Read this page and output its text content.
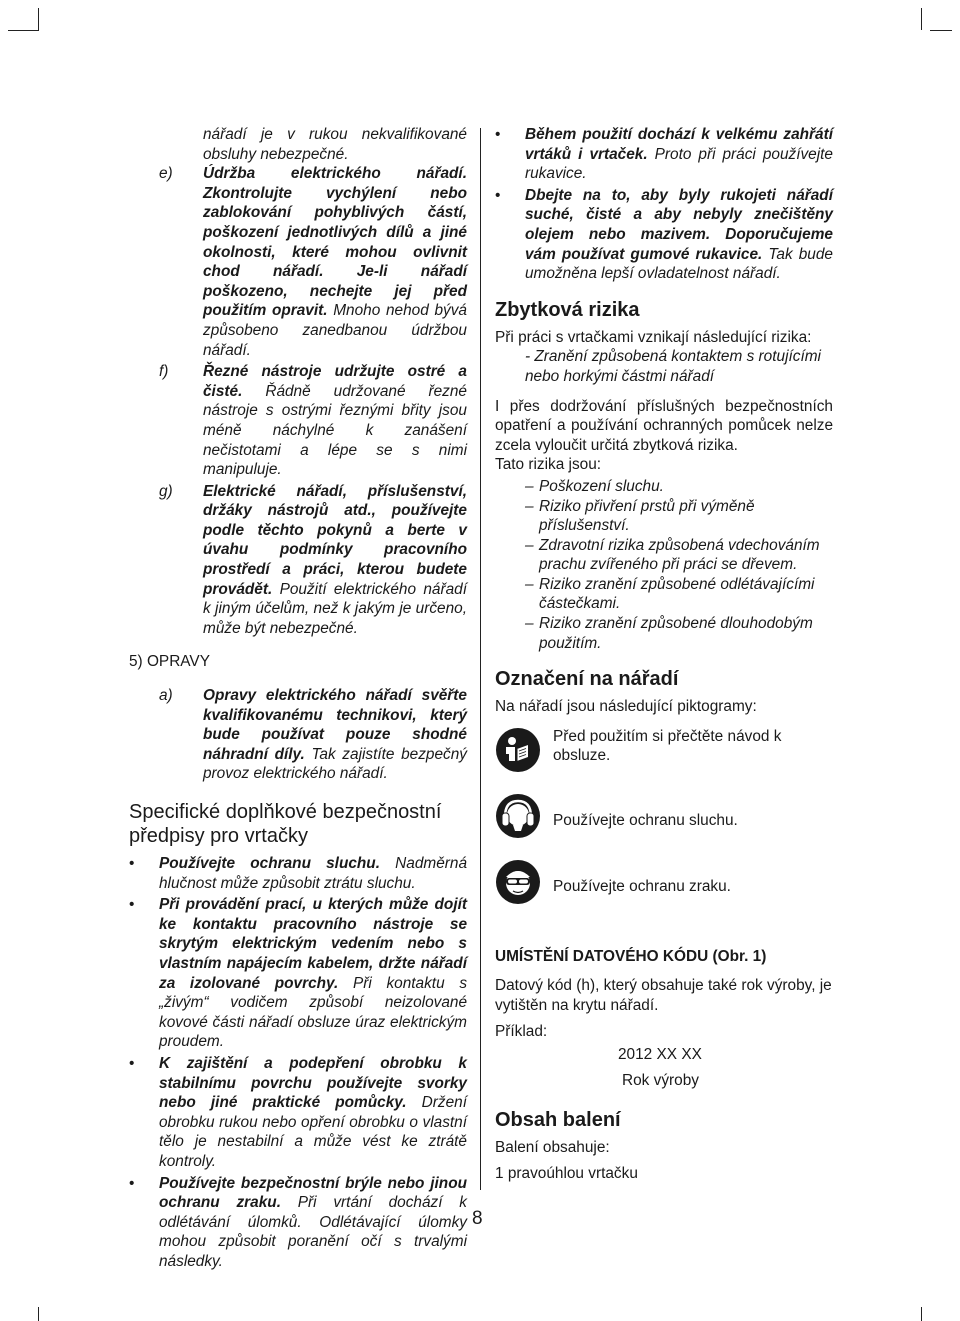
nářadí je v rukou nekvalifikované obsluhy nebezpečné.
e) Údržba elektrického nářadí. Zkontrolujte vychýlení nebo zablokování pohyblivých částí, poškození jednotlivých dílů a jiné okolnosti, které mohou ovlivnit chod nářadí. Je-li nářadí poškozeno, nechejte jej před použitím opravit. Mnoho nehod bývá způsobeno zanedbanou údržbou nářadí.
f) Řezné nástroje udržujte ostré a čisté. Řádně udržované řezné nástroje s ostrými řeznými břity jsou méně náchylné k zanášení nečistotami a lépe se s nimi manipuluje.
g) Elektrické nářadí, příslušenství, držáky nástrojů atd., používejte podle těchto pokynů a berte v úvahu podmínky pracovního prostředí a práci, kterou budete provádět. Použití elektrického nářadí k jiným účelům, než k jakým je určeno, může být nebezpečné.
5) OPRAVY
a) Opravy elektrického nářadí svěřte kvalifikovanému technikovi, který bude používat pouze shodné náhradní díly. Tak zajistíte bezpečný provoz elektrického nářadí.
Specifické doplňkové bezpečnostní předpisy pro vrtačky
• Používejte ochranu sluchu. Nadměrná hlučnost může způsobit ztrátu sluchu.
• Při provádění prací, u kterých může dojít ke kontaktu pracovního nástroje se skrytým elektrickým vedením nebo s vlastním napájecím kabelem, držte nářadí za izolované povrchy. Při kontaktu s „živým“ vodičem způsobí neizolované kovové části nářadí obsluze úraz elektrickým proudem.
• K zajištění a podepření obrobku k stabilnímu povrchu používejte svorky nebo jiné praktické pomůcky. Držení obrobku rukou nebo opření obrobku o vlastní tělo je nestabilní a může vést ke ztrátě kontroly.
• Používejte bezpečnostní brýle nebo jinou ochranu zraku. Při vrtání dochází k odlétávání úlomků. Odlétávající úlomky mohou způsobit poranění očí s trvalými následky.
• Během použití dochází k velkému zahřátí vrtáků i vrtaček. Proto při práci používejte rukavice.
• Dbejte na to, aby byly rukojeti nářadí suché, čisté a aby nebyly znečištěny olejem nebo mazivem. Doporučujeme vám používat gumové rukavice. Tak bude umožněna lepší ovladatelnost nářadí.
Zbytková rizika
Při práci s vrtačkami vznikají následující rizika:
- Zranění způsobená kontaktem s rotujícími nebo horkými částmi nářadí
I přes dodržování příslušných bezpečnostních opatření a používání ochranných pomůcek nelze zcela vyloučit určitá zbytková rizika.
Tato rizika jsou:
– Poškození sluchu.
– Riziko přivření prstů při výměně příslušenství.
– Zdravotní rizika způsobená vdechováním prachu zvířeného při práci se dřevem.
– Riziko zranění způsobené odlétávajícími částečkami.
– Riziko zranění způsobené dlouhodobým použitím.
Označení na nářadí
Na nářadí jsou následující piktogramy:
Před použitím si přečtěte návod k obsluze.
Používejte ochranu sluchu.
Používejte ochranu zraku.
UMÍSTĚNÍ DATOVÉHO KÓDU (Obr. 1)
Datový kód (h), který obsahuje také rok výroby, je vytištěn na krytu nářadí.
Příklad:
2012 XX XX
Rok výroby
Obsah balení
Balení obsahuje:
1 pravoúhlou vrtačku
8
